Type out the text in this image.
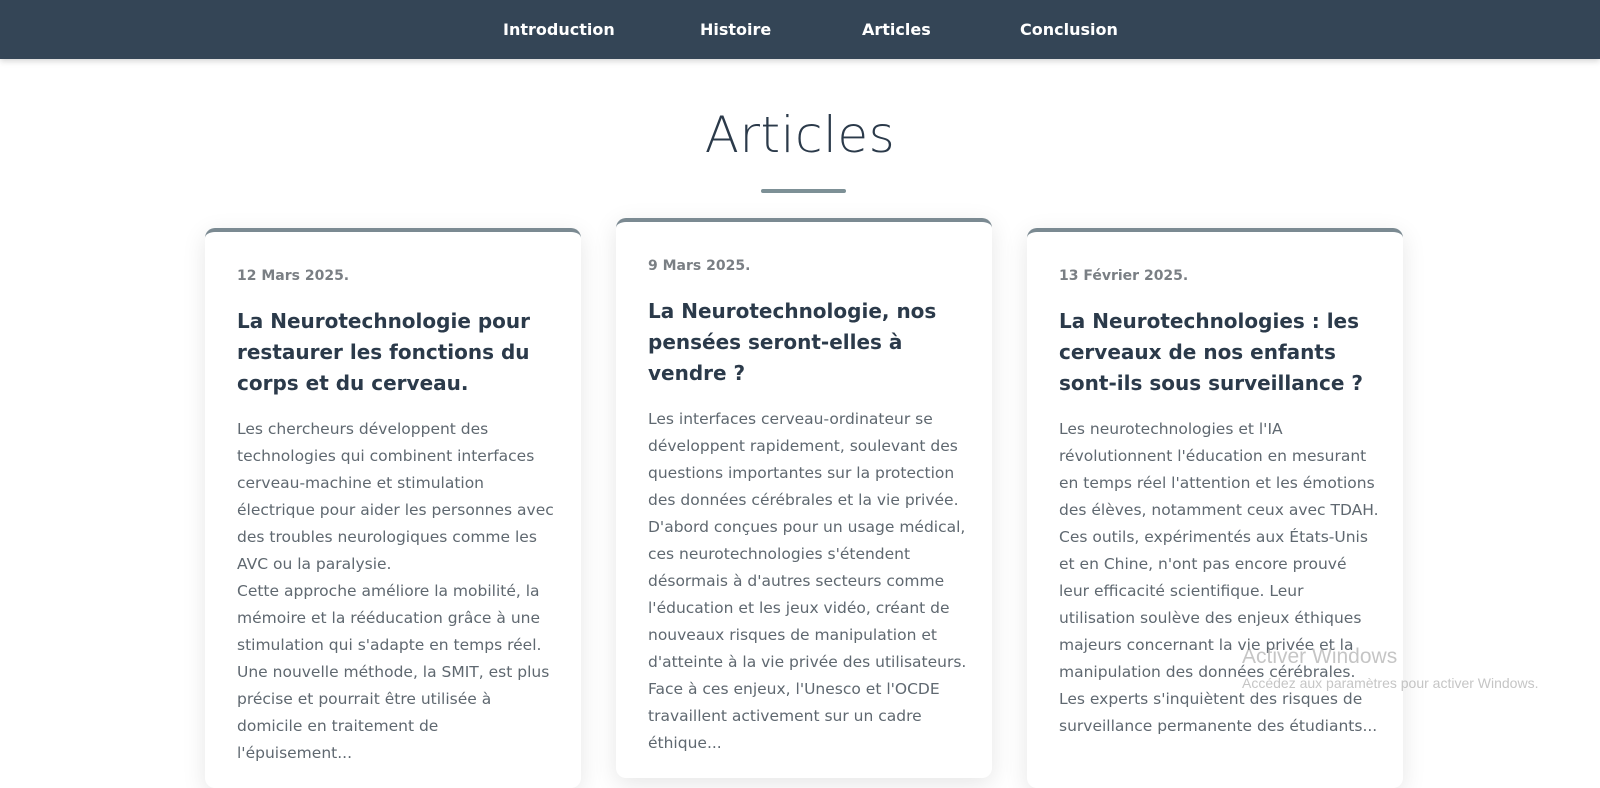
Introduction	Histoire	Articles	Conclusion
Articles
12 Mars 2025.
La Neurotechnologie pour restaurer les fonctions du corps et du cerveau.

Les chercheurs développent des technologies qui combinent interfaces cerveau-machine et stimulation électrique pour aider les personnes avec des troubles neurologiques comme les AVC ou la paralysie.

Cette approche améliore la mobilité, la mémoire et la rééducation grâce à une stimulation qui s'adapte en temps réel. Une nouvelle méthode, la SMIT, est plus précise et pourrait être utilisée à domicile en traitement de l'épuisement...

9 Mars 2025.
La Neurotechnologie, nos pensées seront-elles à vendre ?

Les interfaces cerveau-ordinateur se développent rapidement, soulevant des questions importantes sur la protection des données cérébrales et la vie privée. D'abord conçues pour un usage médical, ces neurotechnologies s'étendent désormais à d'autres secteurs comme l'éducation et les jeux vidéo, créant de nouveaux risques de manipulation et d'atteinte à la vie privée des utilisateurs. Face à ces enjeux, l'Unesco et l'OCDE travaillent activement sur un cadre éthique...

13 Février 2025.
La Neurotechnologies : les cerveaux de nos enfants sont-ils sous surveillance ?

Les neurotechnologies et l'IA révolutionnent l'éducation en mesurant en temps réel l'attention et les émotions des élèves, notamment ceux avec TDAH. Ces outils, expérimentés aux États-Unis et en Chine, n'ont pas encore prouvé leur efficacité scientifique. Leur utilisation soulève des enjeux éthiques majeurs concernant la vie privée et la manipulation des données cérébrales.

Les experts s'inquiètent des risques de surveillance permanente des étudiants...

Activer Windows
Accédez aux paramètres pour activer Windows.
